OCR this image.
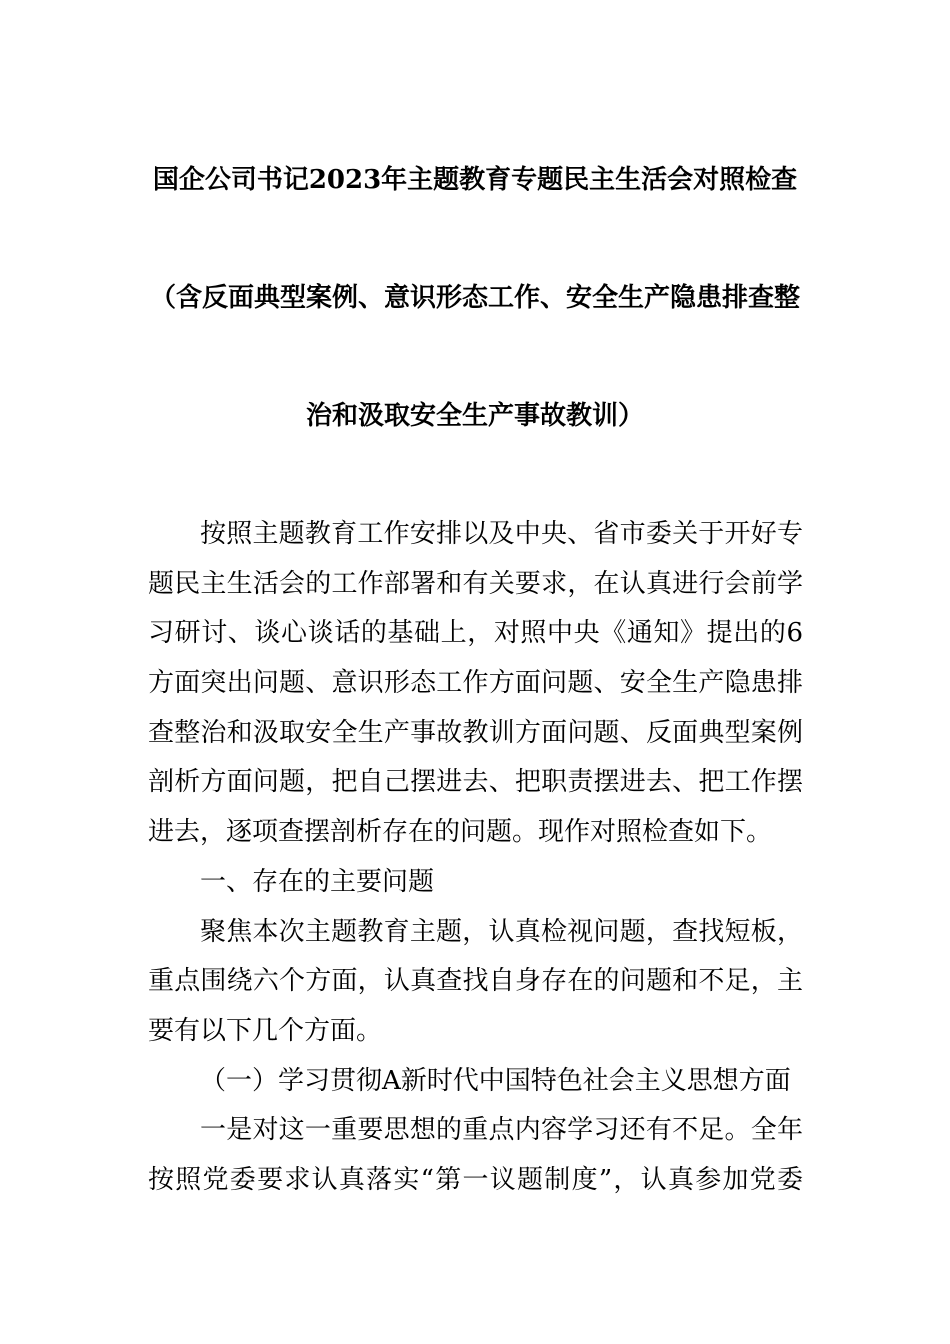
国企公司书记2023年主题教育专题民主生活会对照检查
（含反面典型案例、意识形态工作、安全生产隐患排查整
治和汲取安全生产事故教训）
按照主题教育工作安排以及中央、省市委关于开好专
题民主生活会的工作部署和有关要求，在认真进行会前学
习研讨、谈心谈话的基础上，对照中央《通知》提出的6
方面突出问题、意识形态工作方面问题、安全生产隐患排
查整治和汲取安全生产事故教训方面问题、反面典型案例
剖析方面问题，把自己摆进去、把职责摆进去、把工作摆
进去，逐项查摆剖析存在的问题。现作对照检查如下。
一、存在的主要问题
聚焦本次主题教育主题，认真检视问题，查找短板，
重点围绕六个方面，认真查找自身存在的问题和不足，主
要有以下几个方面。
（一）学习贯彻A新时代中国特色社会主义思想方面
一是对这一重要思想的重点内容学习还有不足。全年
按照党委要求认真落实“第一议题制度”，认真参加党委
